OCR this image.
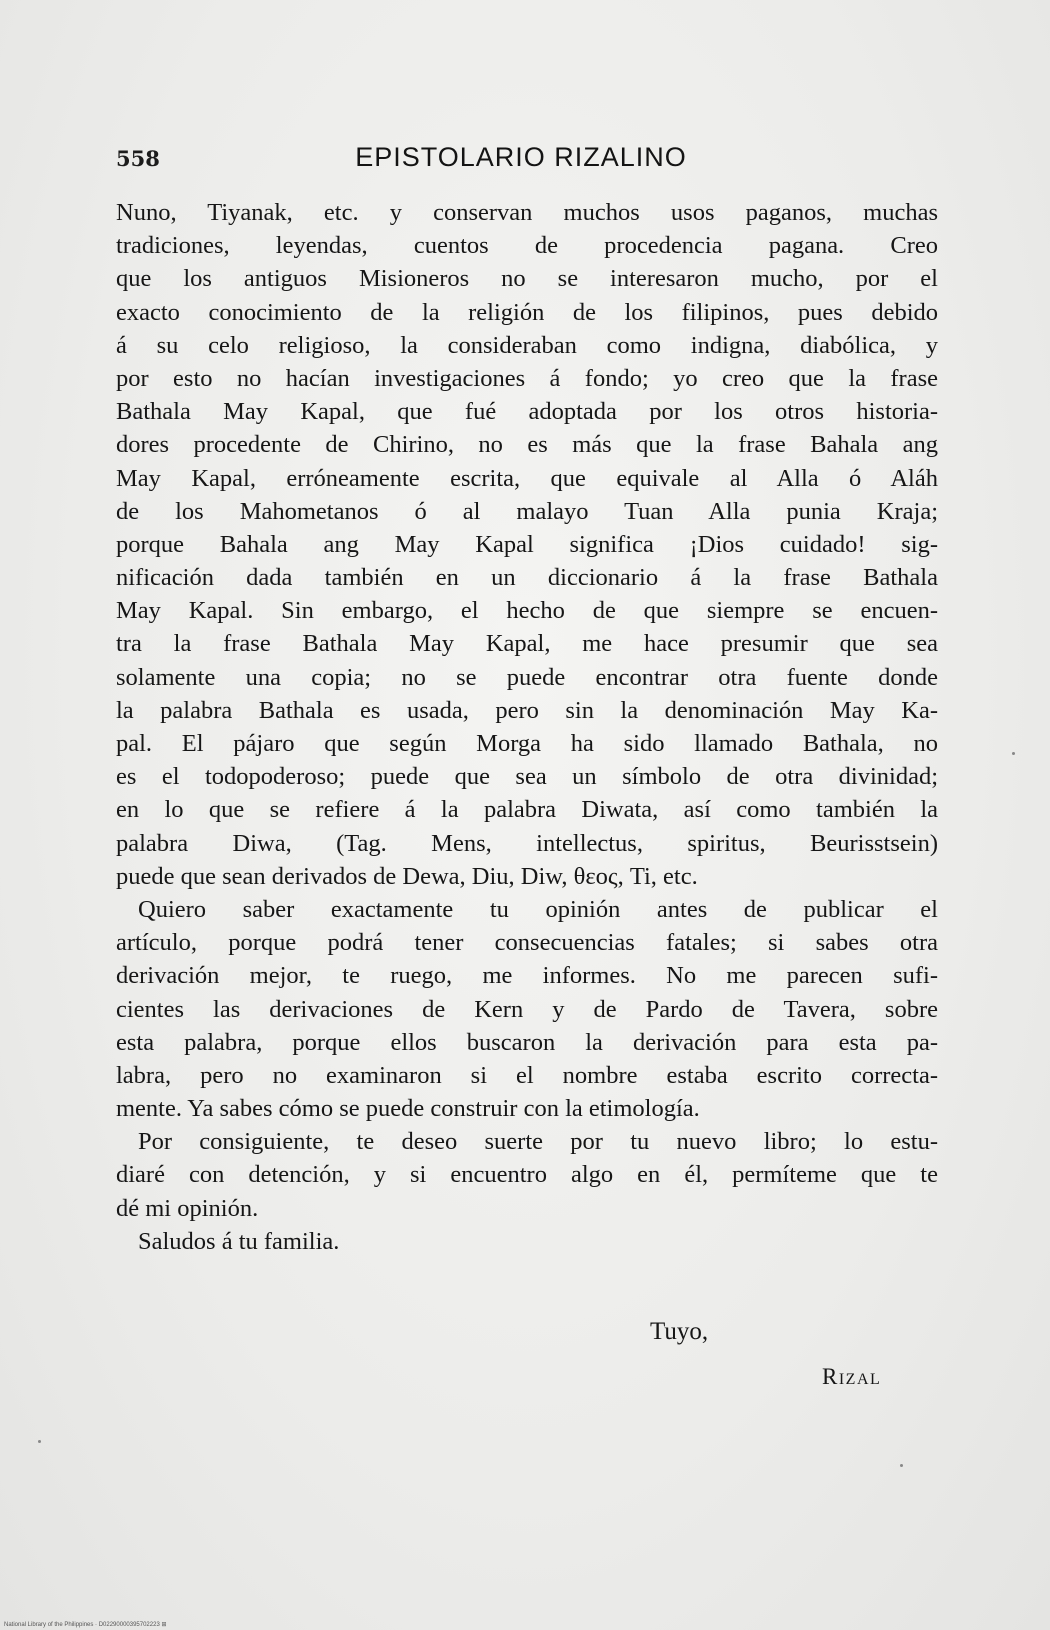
558	EPISTOLARIO RIZALINO
Nuno, Tiyanak, etc. y conservan muchos usos paganos, muchas
tradiciones, leyendas, cuentos de procedencia pagana. Creo
que los antiguos Misioneros no se interesaron mucho, por el
exacto conocimiento de la religión de los filipinos, pues debido
á su celo religioso, la consideraban como indigna, diabólica, y
por esto no hacían investigaciones á fondo; yo creo que la frase
Bathala May Kapal, que fué adoptada por los otros historia-
dores procedente de Chirino, no es más que la frase Bahala ang
May Kapal, erróneamente escrita, que equivale al Alla ó Aláh
de los Mahometanos ó al malayo Tuan Alla punia Kraja;
porque Bahala ang May Kapal significa ¡Dios cuidado! sig-
nificación dada también en un diccionario á la frase Bathala
May Kapal. Sin embargo, el hecho de que siempre se encuen-
tra la frase Bathala May Kapal, me hace presumir que sea
solamente una copia; no se puede encontrar otra fuente donde
la palabra Bathala es usada, pero sin la denominación May Ka-
pal. El pájaro que según Morga ha sido llamado Bathala, no
es el todopoderoso; puede que sea un símbolo de otra divinidad;
en lo que se refiere á la palabra Diwata, así como también la
palabra Diwa, (Tag. Mens, intellectus, spiritus, Beurisstsein)
puede que sean derivados de Dewa, Diu, Diw, θεος, Ti, etc.
Quiero saber exactamente tu opinión antes de publicar el
artículo, porque podrá tener consecuencias fatales; si sabes otra
derivación mejor, te ruego, me informes. No me parecen sufi-
cientes las derivaciones de Kern y de Pardo de Tavera, sobre
esta palabra, porque ellos buscaron la derivación para esta pa-
labra, pero no examinaron si el nombre estaba escrito correcta-
mente. Ya sabes cómo se puede construir con la etimología.
Por consiguiente, te deseo suerte por tu nuevo libro; lo estu-
diaré con detención, y si encuentro algo en él, permíteme que te
dé mi opinión.
Saludos á tu familia.
Tuyo,
Rizal
National Library of the Philippines · D02290000395702223 ⊞
